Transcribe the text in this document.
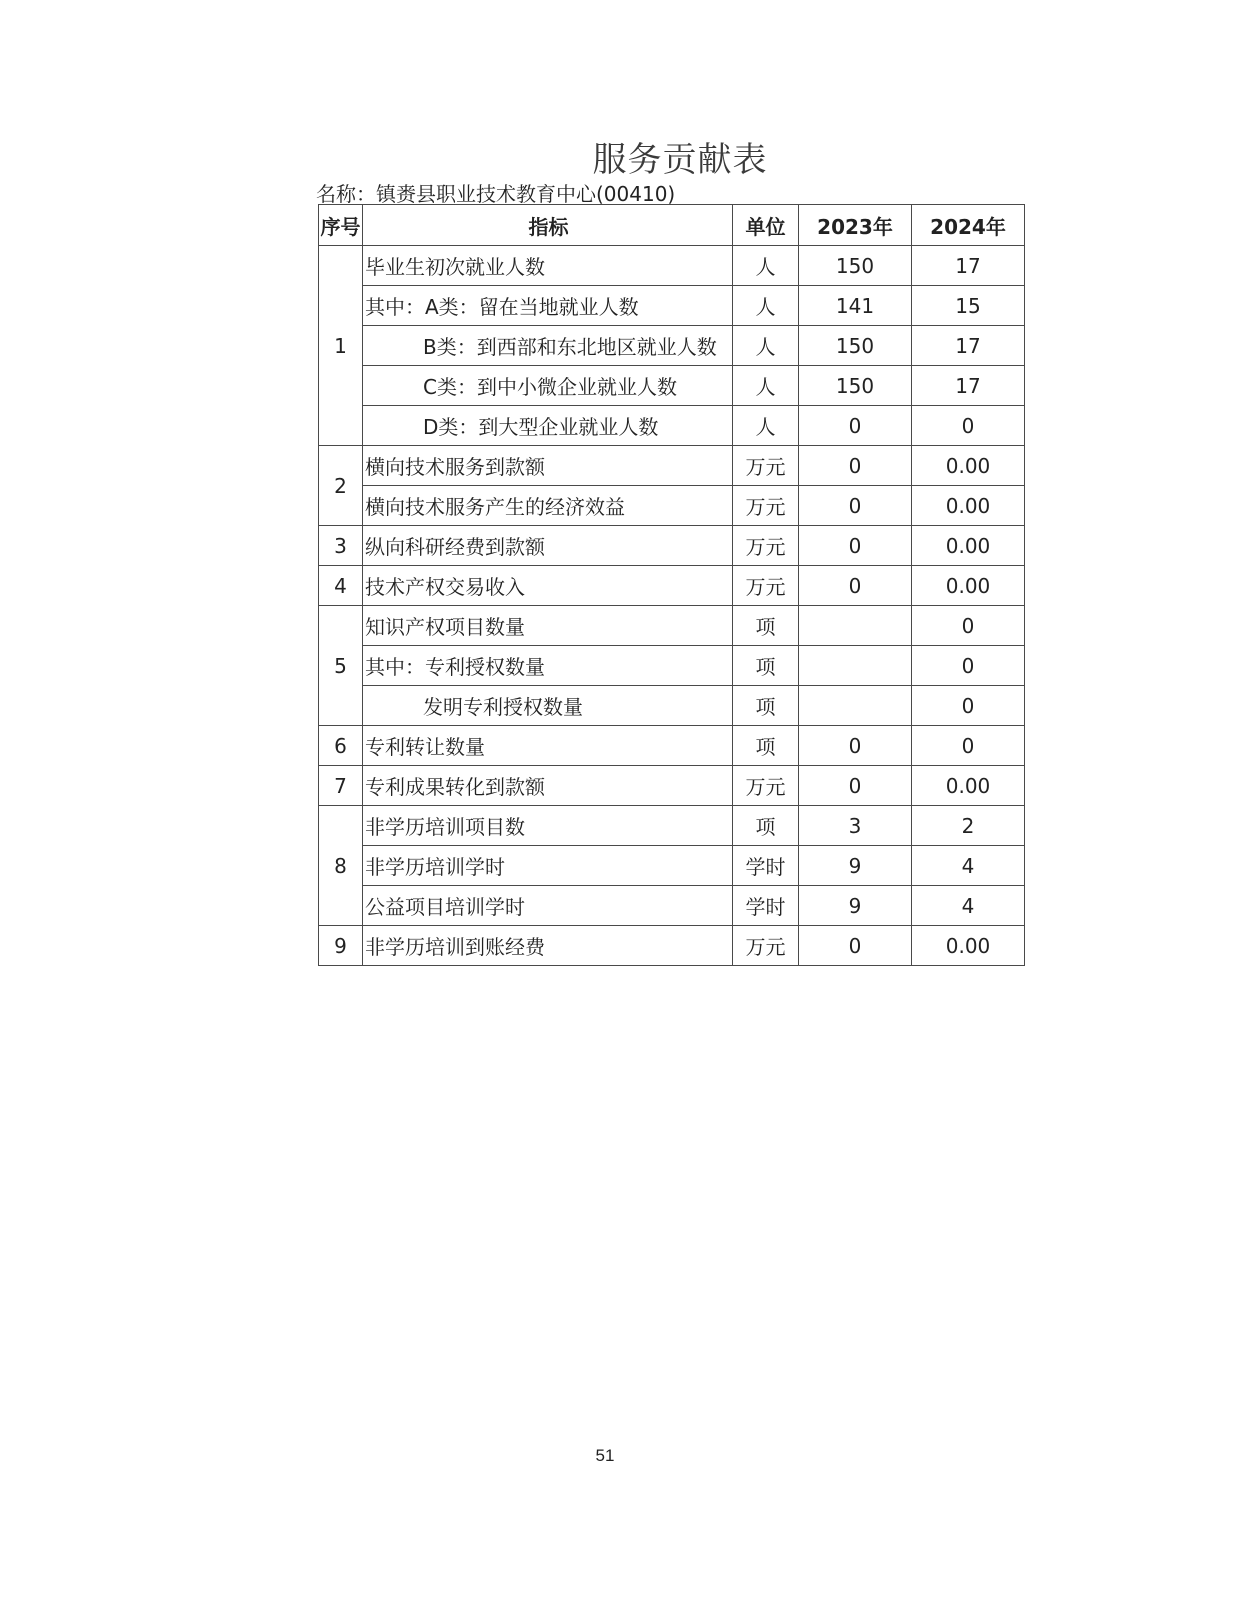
服务贡献表
名称：镇赉县职业技术教育中心(00410)
序号	指标	单位	2023年	2024年
1	毕业生初次就业人数	人	150	17
	其中：A类：留在当地就业人数	人	141	15
	B类：到西部和东北地区就业人数	人	150	17
	C类：到中小微企业就业人数	人	150	17
	D类：到大型企业就业人数	人	0	0
2	横向技术服务到款额	万元	0	0.00
	横向技术服务产生的经济效益	万元	0	0.00
3	纵向科研经费到款额	万元	0	0.00
4	技术产权交易收入	万元	0	0.00
5	知识产权项目数量	项		0
	其中：专利授权数量	项		0
	发明专利授权数量	项		0
6	专利转让数量	项	0	0
7	专利成果转化到款额	万元	0	0.00
8	非学历培训项目数	项	3	2
	非学历培训学时	学时	9	4
	公益项目培训学时	学时	9	4
9	非学历培训到账经费	万元	0	0.00
51
